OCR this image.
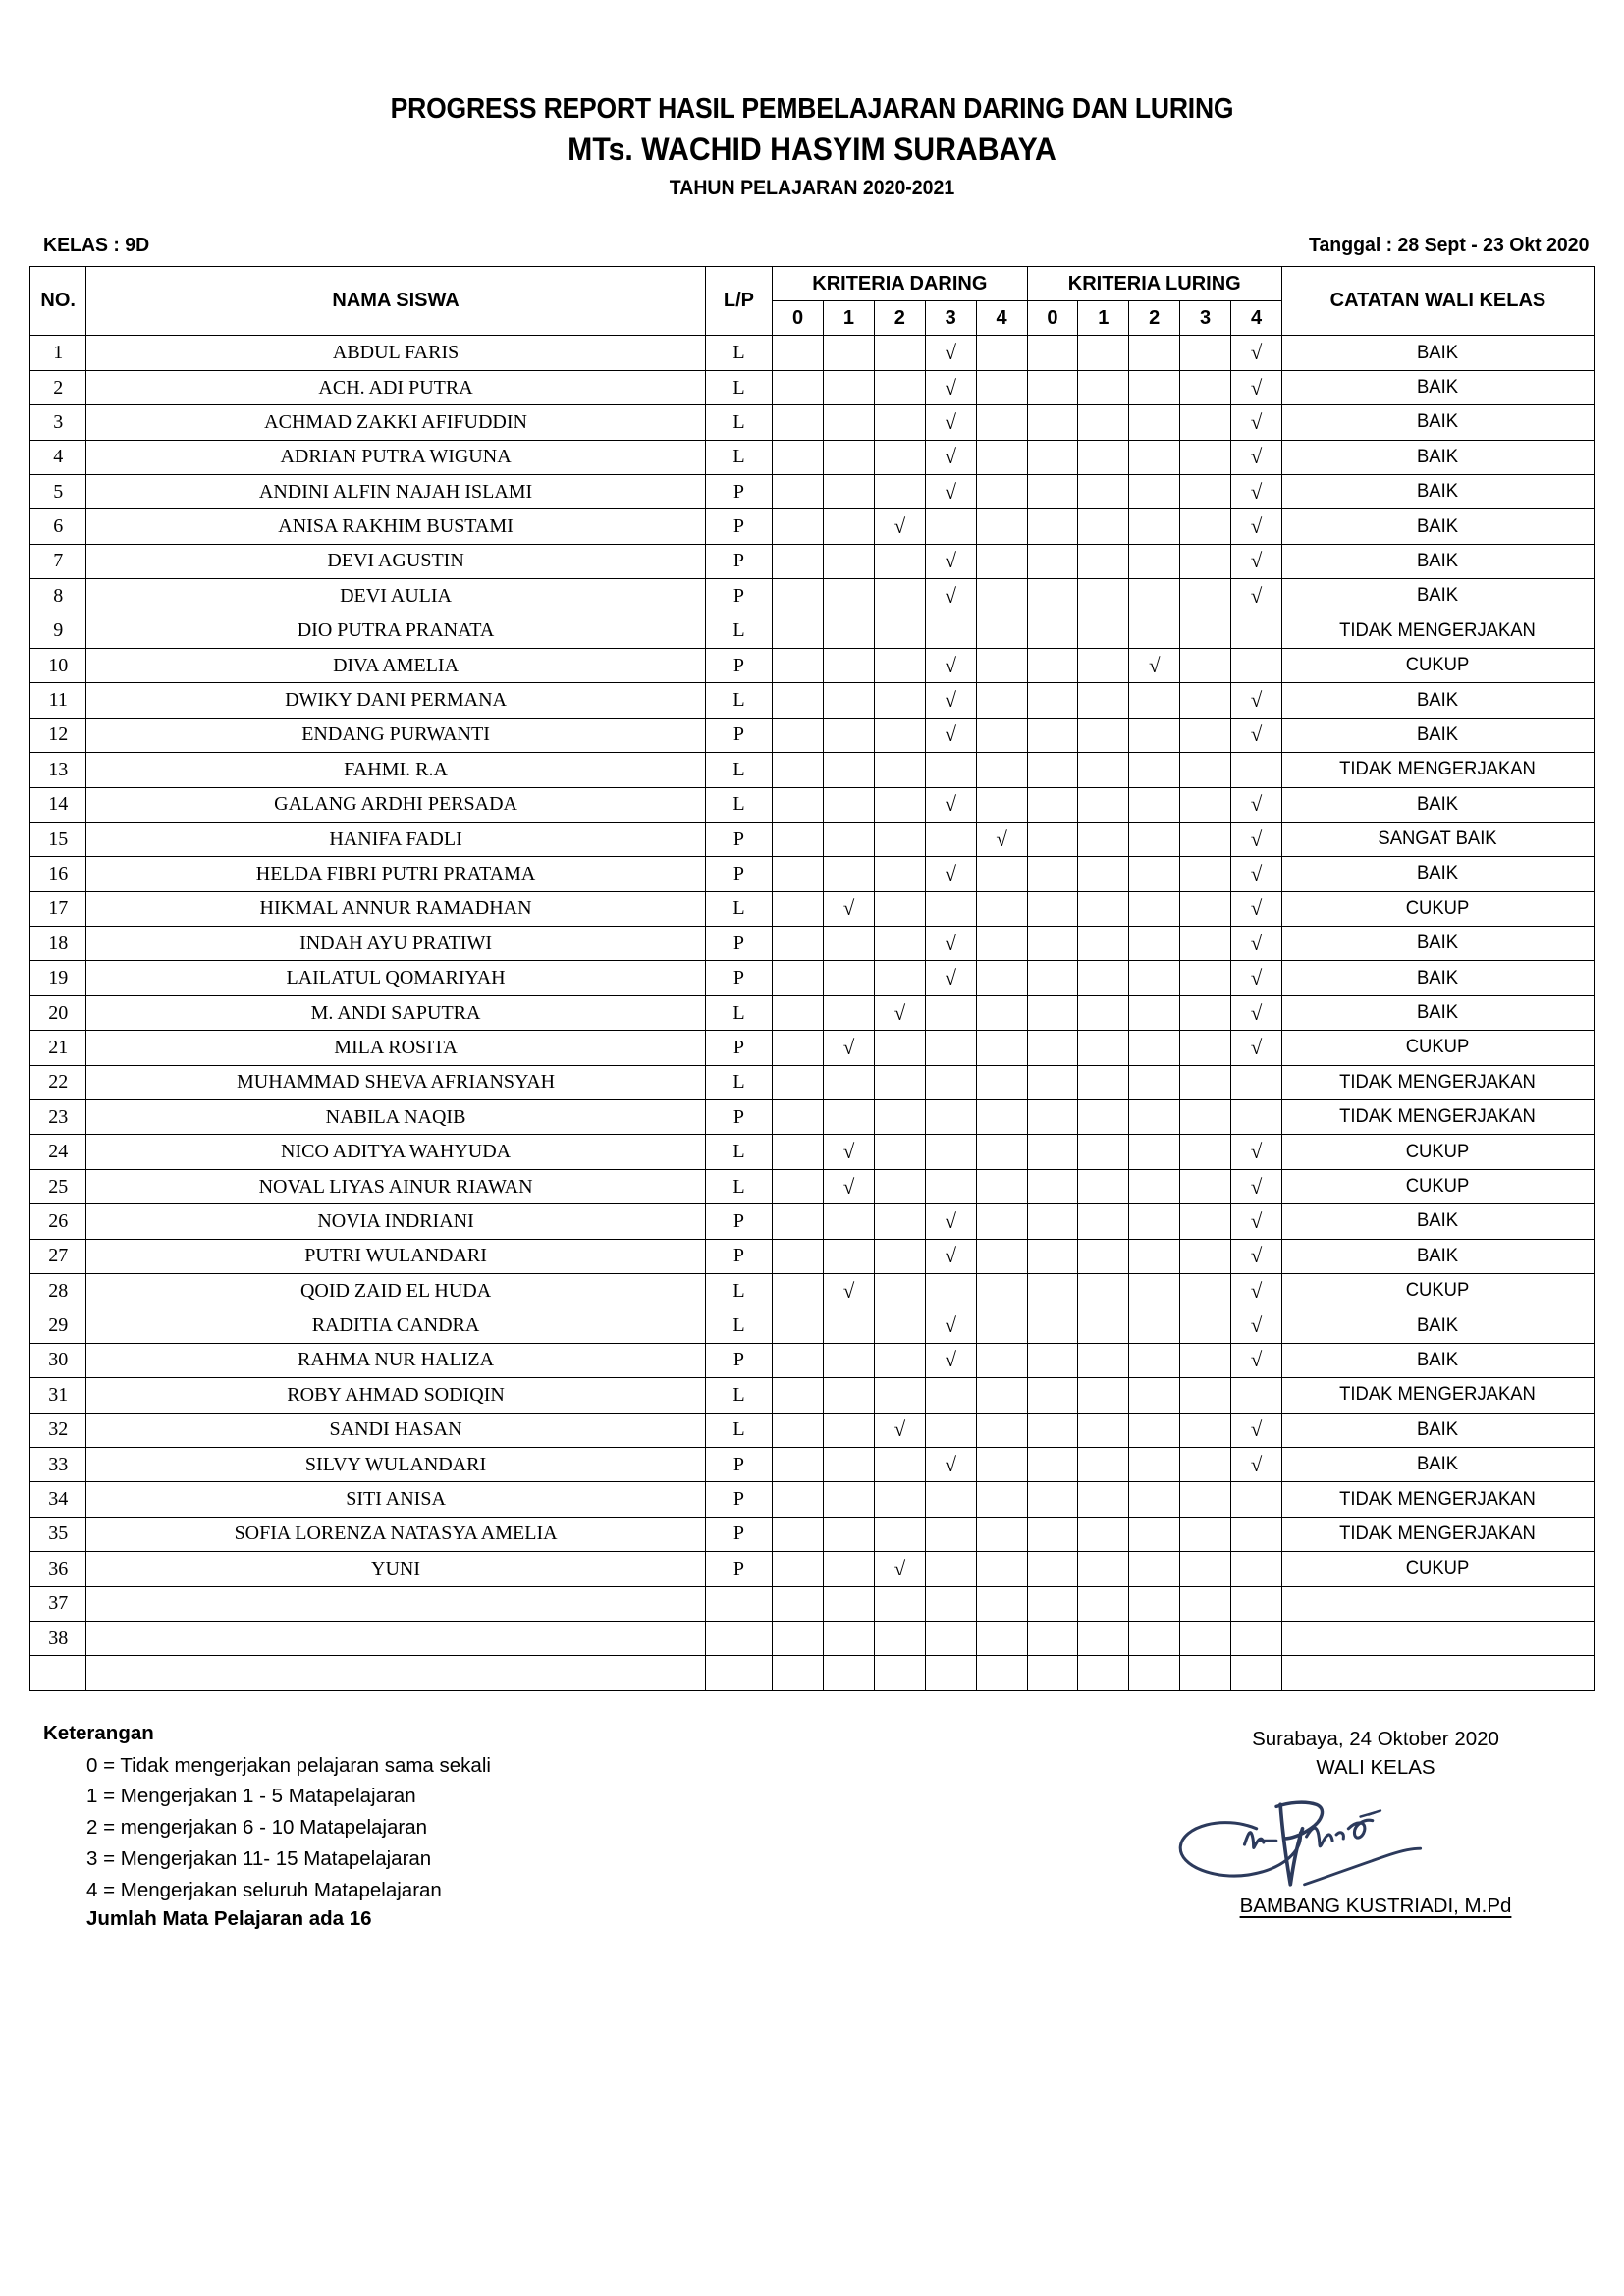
PROGRESS REPORT HASIL PEMBELAJARAN DARING DAN LURING
MTs. WACHID HASYIM SURABAYA
TAHUN PELAJARAN 2020-2021
KELAS : 9D	Tanggal : 28 Sept - 23 Okt 2020
NO.	NAMA SISWA	L/P	KRITERIA DARING					KRITERIA LURING					CATATAN WALI KELAS
			0	1	2	3	4	0	1	2	3	4	
1	ABDUL FARIS	L				√						√	BAIK
2	ACH. ADI PUTRA	L				√						√	BAIK
3	ACHMAD ZAKKI AFIFUDDIN	L				√						√	BAIK
4	ADRIAN PUTRA WIGUNA	L				√						√	BAIK
5	ANDINI ALFIN NAJAH ISLAMI	P				√						√	BAIK
6	ANISA RAKHIM BUSTAMI	P			√							√	BAIK
7	DEVI AGUSTIN	P				√						√	BAIK
8	DEVI AULIA	P				√						√	BAIK
9	DIO PUTRA PRANATA	L											TIDAK MENGERJAKAN
10	DIVA AMELIA	P				√				√			CUKUP
11	DWIKY DANI PERMANA	L				√						√	BAIK
12	ENDANG PURWANTI	P				√						√	BAIK
13	FAHMI. R.A	L											TIDAK MENGERJAKAN
14	GALANG ARDHI PERSADA	L				√						√	BAIK
15	HANIFA FADLI	P					√					√	SANGAT BAIK
16	HELDA FIBRI PUTRI PRATAMA	P				√						√	BAIK
17	HIKMAL ANNUR RAMADHAN	L		√								√	CUKUP
18	INDAH AYU PRATIWI	P				√						√	BAIK
19	LAILATUL QOMARIYAH	P				√						√	BAIK
20	M. ANDI SAPUTRA	L			√							√	BAIK
21	MILA ROSITA	P		√								√	CUKUP
22	MUHAMMAD SHEVA AFRIANSYAH	L											TIDAK MENGERJAKAN
23	NABILA NAQIB	P											TIDAK MENGERJAKAN
24	NICO ADITYA WAHYUDA	L		√								√	CUKUP
25	NOVAL LIYAS AINUR RIAWAN	L		√								√	CUKUP
26	NOVIA INDRIANI	P				√						√	BAIK
27	PUTRI WULANDARI	P				√						√	BAIK
28	QOID ZAID EL HUDA	L		√								√	CUKUP
29	RADITIA CANDRA	L				√						√	BAIK
30	RAHMA NUR HALIZA	P				√						√	BAIK
31	ROBY AHMAD SODIQIN	L											TIDAK MENGERJAKAN
32	SANDI HASAN	L			√							√	BAIK
33	SILVY WULANDARI	P				√						√	BAIK
34	SITI ANISA	P											TIDAK MENGERJAKAN
35	SOFIA LORENZA NATASYA AMELIA	P											TIDAK MENGERJAKAN
36	YUNI	P			√								CUKUP
37													
38													

Keterangan
0 = Tidak mengerjakan pelajaran sama sekali
1 = Mengerjakan 1 - 5 Matapelajaran
2 = mengerjakan 6 - 10 Matapelajaran
3 = Mengerjakan 11- 15 Matapelajaran
4 = Mengerjakan seluruh Matapelajaran
Jumlah Mata Pelajaran ada 16
Surabaya, 24 Oktober 2020
WALI KELAS
BAMBANG KUSTRIADI, M.Pd
